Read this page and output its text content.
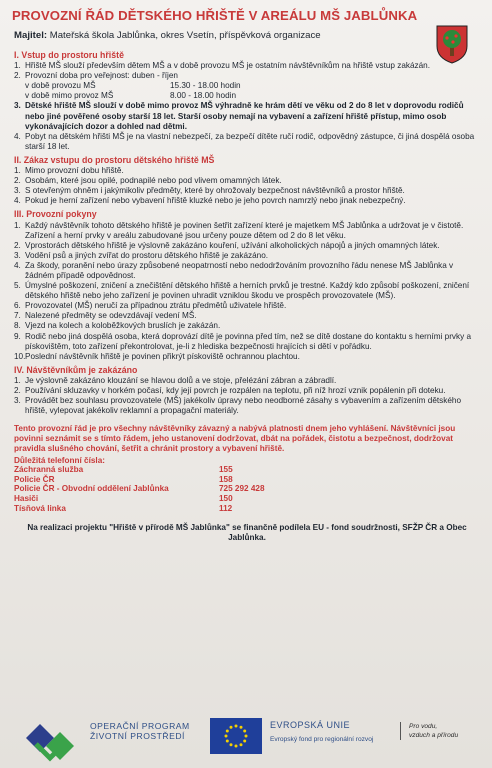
PROVOZNÍ ŘÁD DĚTSKÉHO HŘIŠTĚ V AREÁLU MŠ JABLŮNKA
Majitel: Mateřská škola Jablůnka, okres Vsetín, příspěvková organizace
I. Vstup do prostoru hřiště
1. Hřiště MŠ slouží především dětem MŠ a v době provozu MŠ je ostatním návštěvníkům na hřiště vstup zakázán.
2. Provozní doba pro veřejnost: duben - říjen
v době provozu MŠ	15.30 - 18.00 hodin
v době mimo provoz MŠ	8.00 - 18.00 hodin
3. Dětské hřiště MŠ slouží v době mimo provoz MŠ výhradně ke hrám dětí ve věku od 2 do 8 let v doprovodu rodičů nebo jiné pověřené osoby starší 18 let. Starší osoby nemají na vybavení a zařízení hřiště přístup, mimo osob vykonávajících dozor a dohled nad dětmi.
4. Pobyt na dětském hřišti MŠ je na vlastní nebezpečí, za bezpečí dítěte ručí rodič, odpovědný zástupce, či jiná dospělá osoba starší 18 let.
II. Zákaz vstupu do prostoru dětského hřiště MŠ
1. Mimo provozní dobu hřiště.
2. Osobám, které jsou opilé, podnapilé nebo pod vlivem omamných látek.
3. S otevřeným ohněm i jakýmikoliv předměty, které by ohrožovaly bezpečnost návštěvníků a prostor hřiště.
4. Pokud je herní zařízení nebo vybavení hřiště kluzké nebo je jeho povrch namrzlý nebo jinak nebezpečný.
III. Provozní pokyny
1. Každý návštěvník tohoto dětského hřiště je povinen šetřit zařízení které je majetkem MŠ Jablůnka a udržovat je v čistotě. Zařízení a herní prvky v areálu zabudované jsou určeny pouze dětem od 2 do 8 let věku.
2. Vprostorách dětského hřiště je výslovně zakázáno kouření, užívání alkoholických nápojů a jiných omamných látek.
3. Vodění psů a jiných zvířat do prostoru dětského hřiště je zakázáno.
4. Za škody, poranění nebo úrazy způsobené neopatrností nebo nedodržováním provozního řádu nenese MŠ Jablůnka v žádném případě odpovědnost.
5. Úmyslné poškození, zničení a znečištění dětského hřiště a herních prvků je trestné. Každý kdo způsobí poškození, zničení dětského hřiště nebo jeho zařízení je povinen uhradit vzniklou škodu ve prospěch provozovatele (MŠ).
6. Provozovatel (MŠ) neručí za případnou ztrátu předmětů uživatele hřiště.
7. Nalezené předměty se odevzdávají vedení MŠ.
8. Vjezd na kolech a koloběžkových bruslích je zakázán.
9. Rodič nebo jiná dospělá osoba, která doprovází dítě je povinna před tím, než se dítě dostane do kontaktu s herními prvky a pískovištěm, toto zařízení překontrolovat, je-li z hlediska bezpečnosti hrajících si dětí v pořádku.
10. Poslední návštěvník hřiště je povinen přikrýt pískoviště ochrannou plachtou.
IV. Návštěvníkům je zakázáno
1. Je výslovně zakázáno klouzání se hlavou dolů a ve stoje, přelézání zábran a zábradlí.
2. Používání skluzavky v horkém počasí, kdy její povrch je rozpálen na teplotu, při níž hrozí vznik popálenin při doteku.
3. Provádět bez souhlasu provozovatele (MŠ) jakékoliv úpravy nebo neodborné zásahy s vybavením a zařízením dětského hřiště, vylepovat jakékoliv reklamní a propagační materiály.
Tento provozní řád je pro všechny návštěvníky závazný a nabývá platnosti dnem jeho vyhlášení. Návštěvníci jsou povinni seznámit se s tímto řádem, jeho ustanovení dodržovat, dbát na pořádek, čistotu a bezpečnost, dodržovat pravidla slušného chování, šetřit a chránit prostory a vybavení hřiště.
Důležitá telefonní čísla:
Záchranná služba	155
Policie ČR	158
Policie ČR - Obvodní oddělení Jablůnka	725 292 428
Hasiči	150
Tísňová linka	112
Na realizaci projektu "Hřiště v přírodě MŠ Jablůnka" se finančně podílela EU - fond soudržnosti, SFŽP ČR a Obec Jablůnka.
OPERAČNÍ PROGRAM
ŽIVOTNÍ PROSTŘEDÍ
EVROPSKÁ UNIE
Evropský fond pro regionální rozvoj
Pro vodu,
vzduch a přírodu
